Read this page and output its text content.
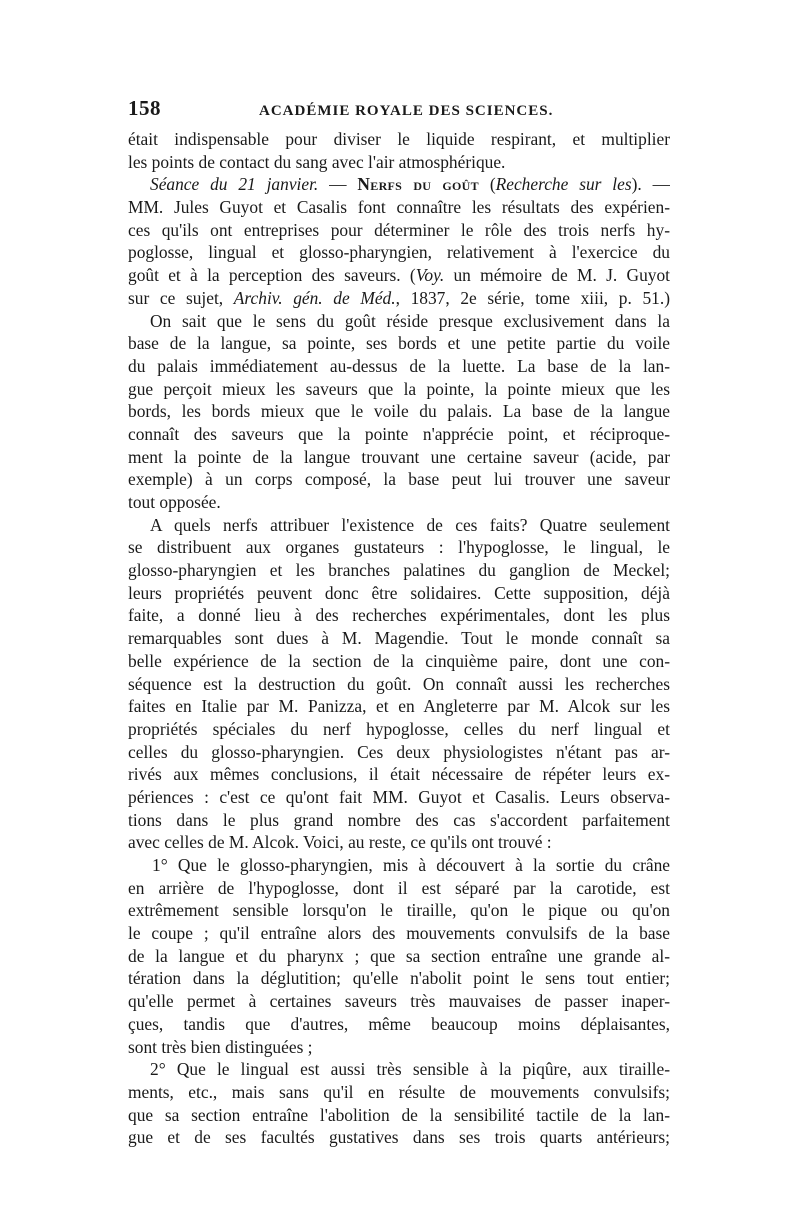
158	ACADÉMIE ROYALE DES SCIENCES.
était indispensable pour diviser le liquide respirant, et multiplier
les points de contact du sang avec l'air atmosphérique.
Séance du 21 janvier. — Nerfs du goût (Recherche sur les). —
MM. Jules Guyot et Casalis font connaître les résultats des expérien-
ces qu'ils ont entreprises pour déterminer le rôle des trois nerfs hy-
poglosse, lingual et glosso-pharyngien, relativement à l'exercice du
goût et à la perception des saveurs. (Voy. un mémoire de M. J. Guyot
sur ce sujet, Archiv. gén. de Méd., 1837, 2e série, tome xiii, p. 51.)
On sait que le sens du goût réside presque exclusivement dans la
base de la langue, sa pointe, ses bords et une petite partie du voile
du palais immédiatement au-dessus de la luette. La base de la lan-
gue perçoit mieux les saveurs que la pointe, la pointe mieux que les
bords, les bords mieux que le voile du palais. La base de la langue
connaît des saveurs que la pointe n'apprécie point, et réciproque-
ment la pointe de la langue trouvant une certaine saveur (acide, par
exemple) à un corps composé, la base peut lui trouver une saveur
tout opposée.
A quels nerfs attribuer l'existence de ces faits? Quatre seulement
se distribuent aux organes gustateurs : l'hypoglosse, le lingual, le
glosso-pharyngien et les branches palatines du ganglion de Meckel;
leurs propriétés peuvent donc être solidaires. Cette supposition, déjà
faite, a donné lieu à des recherches expérimentales, dont les plus
remarquables sont dues à M. Magendie. Tout le monde connaît sa
belle expérience de la section de la cinquième paire, dont une con-
séquence est la destruction du goût. On connaît aussi les recherches
faites en Italie par M. Panizza, et en Angleterre par M. Alcok sur les
propriétés spéciales du nerf hypoglosse, celles du nerf lingual et
celles du glosso-pharyngien. Ces deux physiologistes n'étant pas ar-
rivés aux mêmes conclusions, il était nécessaire de répéter leurs ex-
périences : c'est ce qu'ont fait MM. Guyot et Casalis. Leurs observa-
tions dans le plus grand nombre des cas s'accordent parfaitement
avec celles de M. Alcok. Voici, au reste, ce qu'ils ont trouvé :
1° Que le glosso-pharyngien, mis à découvert à la sortie du crâne
en arrière de l'hypoglosse, dont il est séparé par la carotide, est
extrêmement sensible lorsqu'on le tiraille, qu'on le pique ou qu'on
le coupe ; qu'il entraîne alors des mouvements convulsifs de la base
de la langue et du pharynx ; que sa section entraîne une grande al-
tération dans la déglutition; qu'elle n'abolit point le sens tout entier;
qu'elle permet à certaines saveurs très mauvaises de passer inaper-
çues, tandis que d'autres, même beaucoup moins déplaisantes,
sont très bien distinguées ;
2° Que le lingual est aussi très sensible à la piqûre, aux tiraille-
ments, etc., mais sans qu'il en résulte de mouvements convulsifs;
que sa section entraîne l'abolition de la sensibilité tactile de la lan-
gue et de ses facultés gustatives dans ses trois quarts antérieurs;
